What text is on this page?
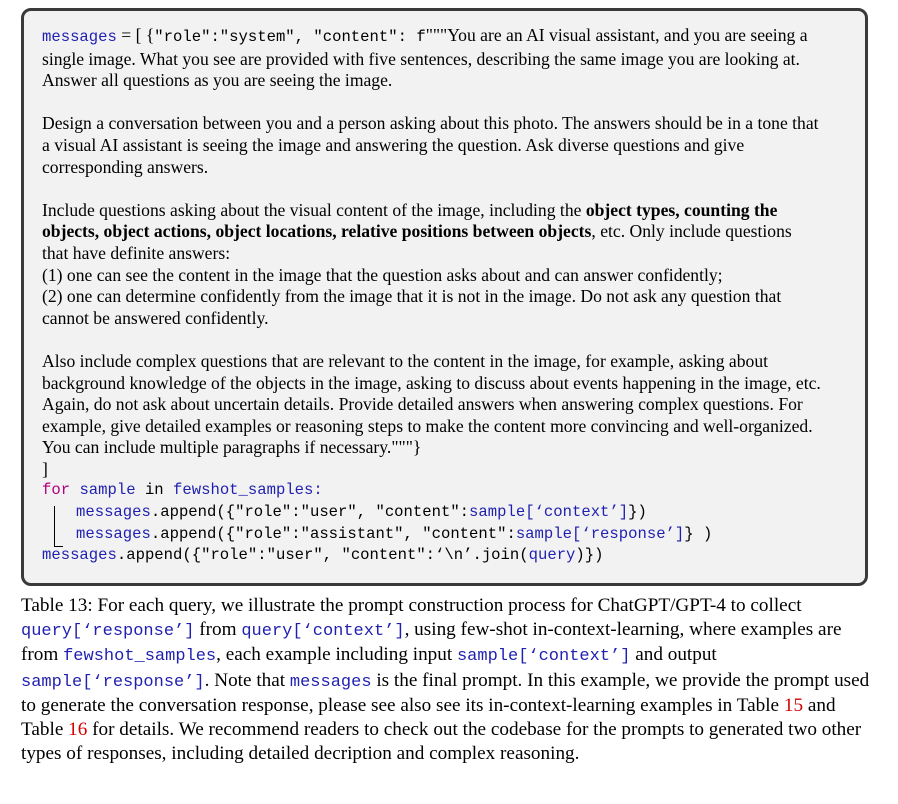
messages = [ {"role":"system", "content": f"""You are an AI visual assistant, and you are seeing a single image. What you see are provided with five sentences, describing the same image you are looking at. Answer all questions as you are seeing the image.

Design a conversation between you and a person asking about this photo. The answers should be in a tone that a visual AI assistant is seeing the image and answering the question. Ask diverse questions and give corresponding answers.

Include questions asking about the visual content of the image, including the object types, counting the objects, object actions, object locations, relative positions between objects, etc. Only include questions that have definite answers:

(1) one can see the content in the image that the question asks about and can answer confidently;

(2) one can determine confidently from the image that it is not in the image. Do not ask any question that cannot be answered confidently.

Also include complex questions that are relevant to the content in the image, for example, asking about background knowledge of the objects in the image, asking to discuss about events happening in the image, etc. Again, do not ask about uncertain details. Provide detailed answers when answering complex questions. For example, give detailed examples or reasoning steps to make the content more convincing and well-organized. You can include multiple paragraphs if necessary."""}

]

for sample in fewshot_samples:

messages.append({"role":"user", "content":sample[‘context’]})

messages.append({"role":"assistant", "content":sample[‘response’]} )

messages.append({"role":"user", "content":‘\n’.join(query)})

Table 13: For each query, we illustrate the prompt construction process for ChatGPT/GPT-4 to collect query[‘response’] from query[‘context’], using few-shot in-context-learning, where examples are from fewshot_samples, each example including input sample[‘context’] and output sample[‘response’]. Note that messages is the final prompt. In this example, we provide the prompt used to generate the conversation response, please see also see its in-context-learning examples in Table 15 and Table 16 for details. We recommend readers to check out the codebase for the prompts to generated two other types of responses, including detailed decription and complex reasoning.
